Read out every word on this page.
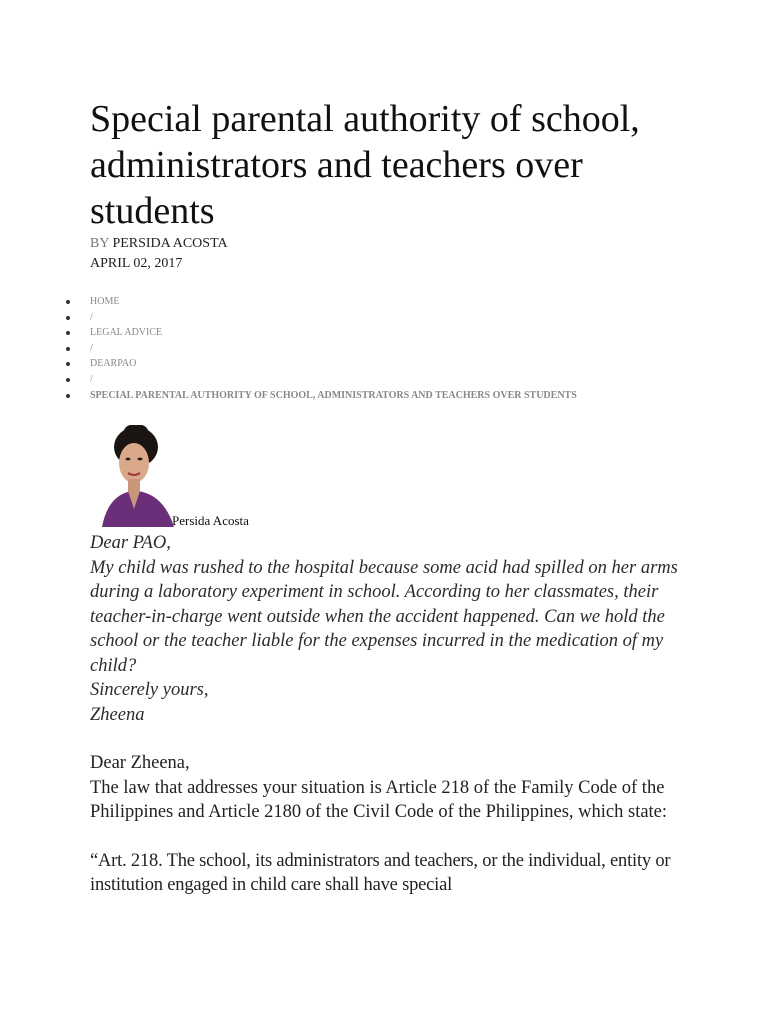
Special parental authority of school, administrators and teachers over students
BY PERSIDA ACOSTA
APRIL 02, 2017
HOME
/
LEGAL ADVICE
/
DEARPAO
/
SPECIAL PARENTAL AUTHORITY OF SCHOOL, ADMINISTRATORS AND TEACHERS OVER STUDENTS
Persida Acosta

Dear PAO,

My child was rushed to the hospital because some acid had spilled on her arms during a laboratory experiment in school. According to her classmates, their teacher-in-charge went outside when the accident happened. Can we hold the school or the teacher liable for the expenses incurred in the medication of my child?

Sincerely yours,

Zheena

Dear Zheena,

The law that addresses your situation is Article 218 of the Family Code of the Philippines and Article 2180 of the Civil Code of the Philippines, which state:

“Art. 218. The school, its administrators and teachers, or the individual, entity or institution engaged in child care shall have special
